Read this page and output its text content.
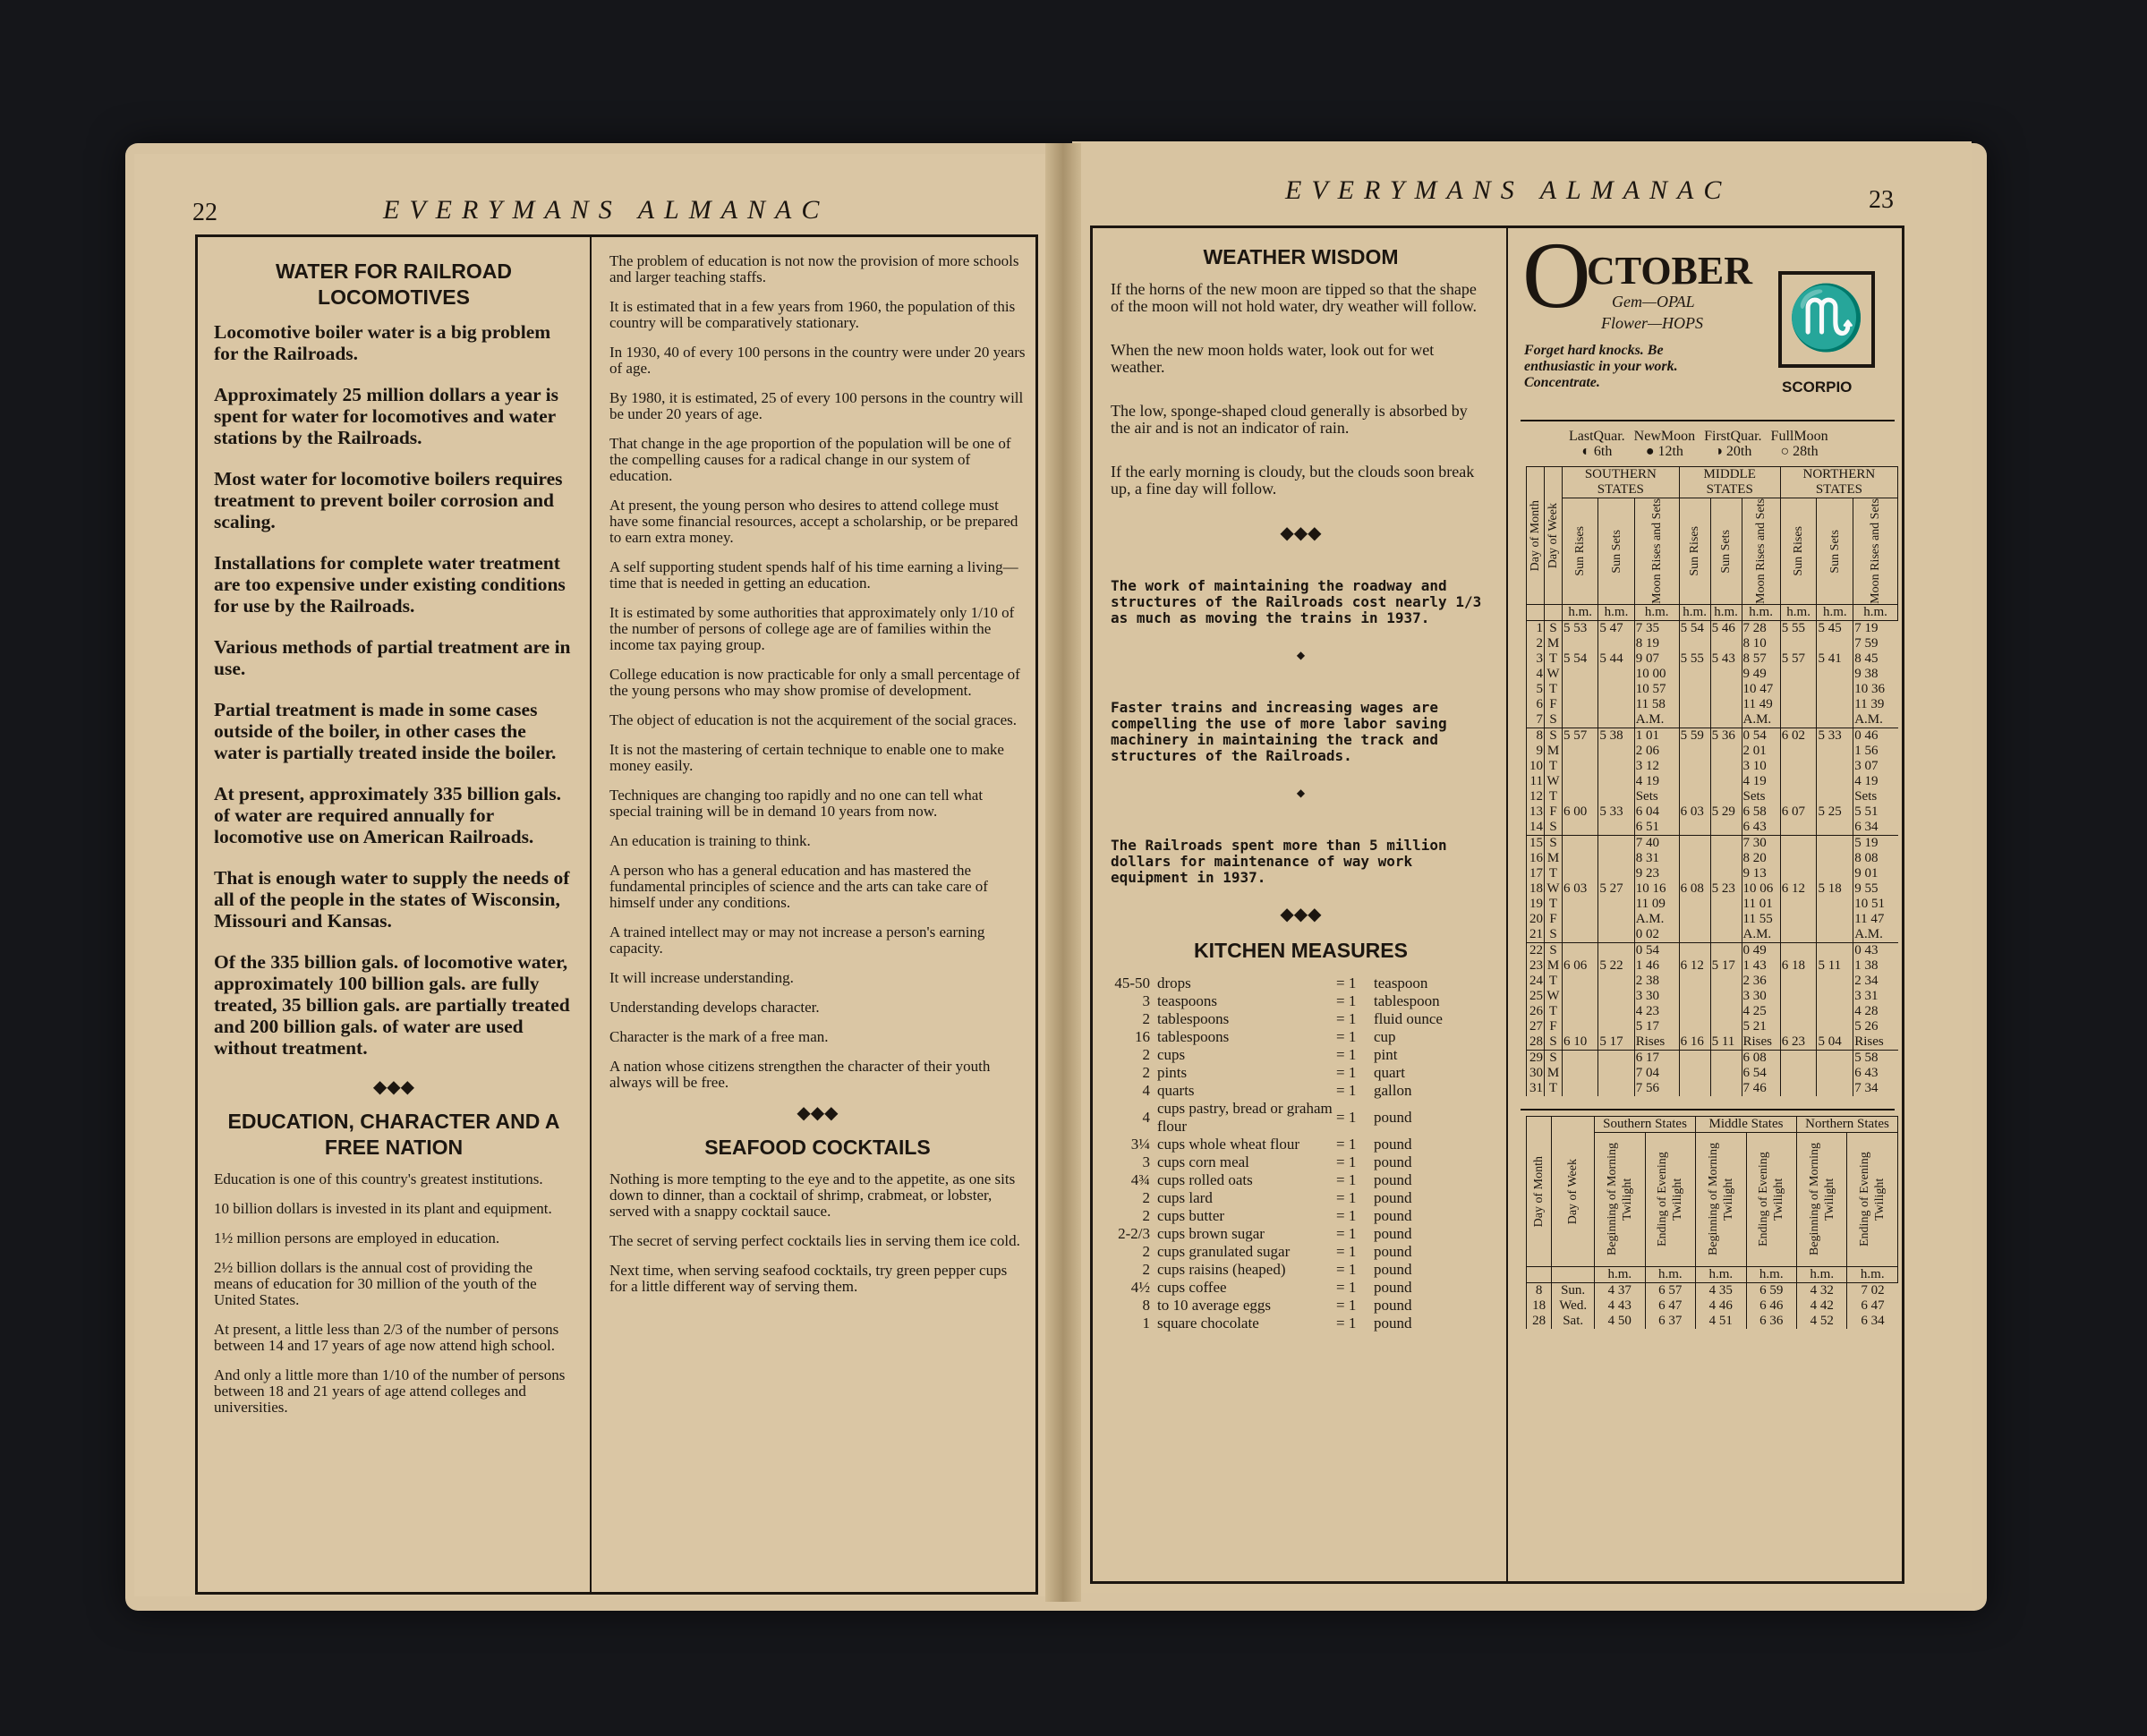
22	EVERYMANS ALMANAC
EVERYMANS ALMANAC	23
WATER FOR RAILROAD LOCOMOTIVES

Locomotive boiler water is a big problem for the Railroads.

Approximately 25 million dollars a year is spent for water for locomotives and water stations by the Railroads.

Most water for locomotive boilers requires treatment to prevent boiler corrosion and scaling.

Installations for complete water treatment are too expensive under existing conditions for use by the Railroads.

Various methods of partial treatment are in use.

Partial treatment is made in some cases outside of the boiler, in other cases the water is partially treated inside the boiler.

At present, approximately 335 billion gals. of water are required annually for locomotive use on American Railroads.

That is enough water to supply the needs of all of the people in the states of Wisconsin, Missouri and Kansas.

Of the 335 billion gals. of locomotive water, approximately 100 billion gals. are fully treated, 35 billion gals. are partially treated and 200 billion gals. of water are used without treatment.

◆◆◆
EDUCATION, CHARACTER AND A FREE NATION

Education is one of this country's greatest institutions.

10 billion dollars is invested in its plant and equipment.

1½ million persons are employed in education.

2½ billion dollars is the annual cost of providing the means of education for 30 million of the youth of the United States.

At present, a little less than 2/3 of the number of persons between 14 and 17 years of age now attend high school.

And only a little more than 1/10 of the number of persons between 18 and 21 years of age attend colleges and universities.

The problem of education is not now the provision of more schools and larger teaching staffs.

It is estimated that in a few years from 1960, the population of this country will be comparatively stationary.

In 1930, 40 of every 100 persons in the country were under 20 years of age.

By 1980, it is estimated, 25 of every 100 persons in the country will be under 20 years of age.

That change in the age proportion of the population will be one of the compelling causes for a radical change in our system of education.

At present, the young person who desires to attend college must have some financial resources, accept a scholarship, or be prepared to earn extra money.

A self supporting student spends half of his time earning a living—time that is needed in getting an education.

It is estimated by some authorities that approximately only 1/10 of the number of persons of college age are of families within the income tax paying group.

College education is now practicable for only a small percentage of the young persons who may show promise of development.

The object of education is not the acquirement of the social graces.

It is not the mastering of certain technique to enable one to make money easily.

Techniques are changing too rapidly and no one can tell what special training will be in demand 10 years from now.

An education is training to think.

A person who has a general education and has mastered the fundamental principles of science and the arts can take care of himself under any conditions.

A trained intellect may or may not increase a person's earning capacity.

It will increase understanding.

Understanding develops character.

Character is the mark of a free man.

A nation whose citizens strengthen the character of their youth always will be free.

◆◆◆
SEAFOOD COCKTAILS

Nothing is more tempting to the eye and to the appetite, as one sits down to dinner, than a cocktail of shrimp, crabmeat, or lobster, served with a snappy cocktail sauce.

The secret of serving perfect cocktails lies in serving them ice cold.

Next time, when serving seafood cocktails, try green pepper cups for a little different way of serving them.

WEATHER WISDOM

If the horns of the new moon are tipped so that the shape of the moon will not hold water, dry weather will follow.

When the new moon holds water, look out for wet weather.

The low, sponge-shaped cloud generally is absorbed by the air and is not an indicator of rain.

If the early morning is cloudy, but the clouds soon break up, a fine day will follow.

◆◆◆

The work of maintaining the roadway and structures of the Railroads cost nearly 1/3 as much as moving the trains in 1937.

◆

Faster trains and increasing wages are compelling the use of more labor saving machinery in maintaining the track and structures of the Railroads.

◆

The Railroads spent more than 5 million dollars for maintenance of way work equipment in 1937.

◆◆◆
KITCHEN MEASURES
45-50	drops	= 1	teaspoon
3	teaspoons	= 1	tablespoon
2	tablespoons	= 1	fluid ounce
16	tablespoons	= 1	cup
2	cups	= 1	pint
2	pints	= 1	quart
4	quarts	= 1	gallon
4	cups pastry, bread or graham flour	= 1	pound
3¼	cups whole wheat flour	= 1	pound
3	cups corn meal	= 1	pound
4¾	cups rolled oats	= 1	pound
2	cups lard	= 1	pound
2	cups butter	= 1	pound
2-2/3	cups brown sugar	= 1	pound
2	cups granulated sugar	= 1	pound
2	cups raisins (heaped)	= 1	pound
4½	cups coffee	= 1	pound
8	to 10 average eggs	= 1	pound
1	square chocolate	= 1	pound
O
CTOBER
Gem—OPAL
Flower—HOPS
Forget hard knocks. Be enthusiastic in your work. Concentrate.
♏
SCORPIO
LastQuar.
◐ 6th
NewMoon
● 12th
FirstQuar.
◑ 20th
FullMoon
○ 28th
Day of Month	Day of Week	SOUTHERN STATES			MIDDLE STATES			NORTHERN STATES		

		Sun Rises	Sun Sets	Moon Rises and Sets	Sun Rises	Sun Sets	Moon Rises and Sets	Sun Rises	Sun Sets	Moon Rises and Sets

		h.m.	h.m.	h.m.	h.m.	h.m.	h.m.	h.m.	h.m.	h.m.
1	S	5 53	5 47	7 35	5 54	5 46	7 28	5 55	5 45	7 19
2	M			8 19			8 10			7 59
3	T	5 54	5 44	9 07	5 55	5 43	8 57	5 57	5 41	8 45
4	W			10 00			9 49			9 38
5	T			10 57			10 47			10 36
6	F			11 58			11 49			11 39
7	S			A.M.			A.M.			A.M.
8	S	5 57	5 38	1 01	5 59	5 36	0 54	6 02	5 33	0 46
9	M			2 06			2 01			1 56
10	T			3 12			3 10			3 07
11	W			4 19			4 19			4 19
12	T			Sets			Sets			Sets
13	F	6 00	5 33	6 04	6 03	5 29	6 58	6 07	5 25	5 51
14	S			6 51			6 43			6 34
15	S			7 40			7 30			5 19
16	M			8 31			8 20			8 08
17	T			9 23			9 13			9 01
18	W	6 03	5 27	10 16	6 08	5 23	10 06	6 12	5 18	9 55
19	T			11 09			11 01			10 51
20	F			A.M.			11 55			11 47
21	S			0 02			A.M.			A.M.
22	S			0 54			0 49			0 43
23	M	6 06	5 22	1 46	6 12	5 17	1 43	6 18	5 11	1 38
24	T			2 38			2 36			2 34
25	W			3 30			3 30			3 31
26	T			4 23			4 25			4 28
27	F			5 17			5 21			5 26
28	S	6 10	5 17	Rises	6 16	5 11	Rises	6 23	5 04	Rises
29	S			6 17			6 08			5 58
30	M			7 04			6 54			6 43
31	T			7 56			7 46			7 34
Day of Month	Day of Week	Southern States		Middle States		Northern States	

		Beginning of Morning Twilight	Ending of Evening Twilight	Beginning of Morning Twilight	Ending of Evening Twilight	Beginning of Morning Twilight	Ending of Evening Twilight

		h.m.	h.m.	h.m.	h.m.	h.m.	h.m.
8	Sun.	4 37	6 57	4 35	6 59	4 32	7 02
18	Wed.	4 43	6 47	4 46	6 46	4 42	6 47
28	Sat.	4 50	6 37	4 51	6 36	4 52	6 34
